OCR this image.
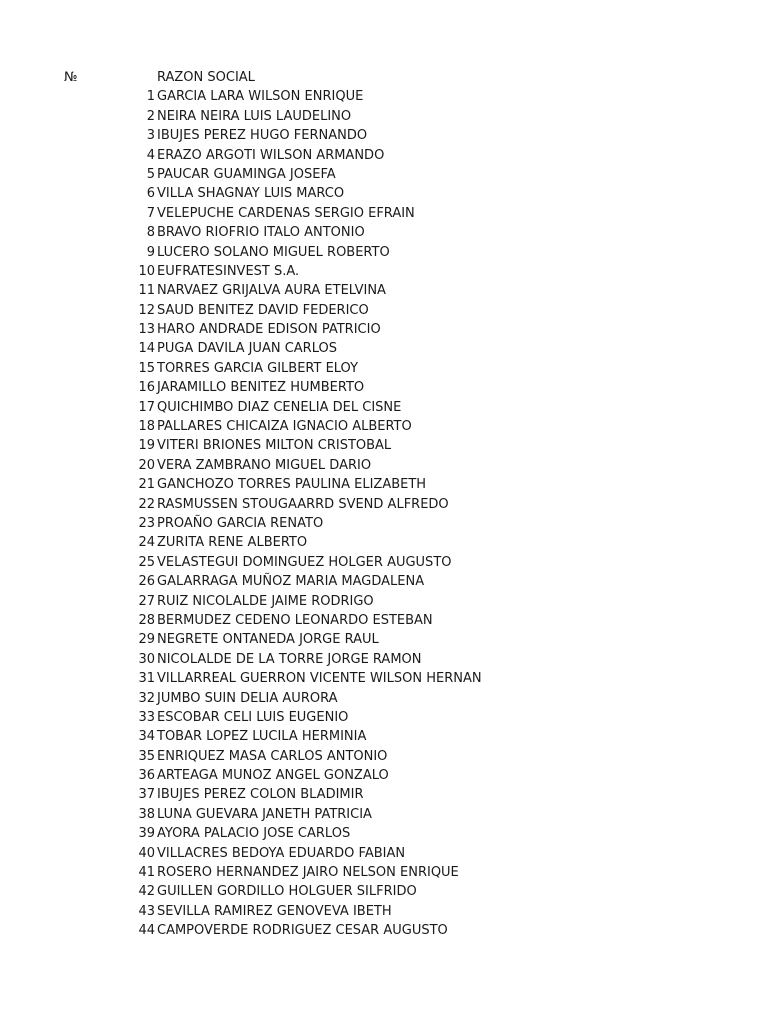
№	RAZON SOCIAL
1 GARCIA LARA WILSON ENRIQUE
2 NEIRA NEIRA LUIS LAUDELINO
3 IBUJES PEREZ HUGO FERNANDO
4 ERAZO ARGOTI WILSON ARMANDO
5 PAUCAR GUAMINGA JOSEFA
6 VILLA SHAGNAY LUIS MARCO
7 VELEPUCHE CARDENAS SERGIO EFRAIN
8 BRAVO RIOFRIO ITALO ANTONIO
9 LUCERO SOLANO MIGUEL ROBERTO
10 EUFRATESINVEST S.A.
11 NARVAEZ GRIJALVA AURA ETELVINA
12 SAUD BENITEZ DAVID FEDERICO
13 HARO ANDRADE EDISON PATRICIO
14 PUGA DAVILA JUAN CARLOS
15 TORRES GARCIA GILBERT ELOY
16 JARAMILLO BENITEZ HUMBERTO
17 QUICHIMBO DIAZ CENELIA DEL CISNE
18 PALLARES CHICAIZA IGNACIO ALBERTO
19 VITERI BRIONES MILTON CRISTOBAL
20 VERA ZAMBRANO MIGUEL DARIO
21 GANCHOZO TORRES PAULINA ELIZABETH
22 RASMUSSEN STOUGAARRD SVEND ALFREDO
23 PROAÑO GARCIA RENATO
24 ZURITA RENE ALBERTO
25 VELASTEGUI DOMINGUEZ HOLGER AUGUSTO
26 GALARRAGA MUÑOZ MARIA MAGDALENA
27 RUIZ NICOLALDE JAIME RODRIGO
28 BERMUDEZ CEDENO LEONARDO ESTEBAN
29 NEGRETE ONTANEDA JORGE RAUL
30 NICOLALDE DE LA TORRE JORGE RAMON
31 VILLARREAL GUERRON VICENTE WILSON HERNAN
32 JUMBO SUIN DELIA AURORA
33 ESCOBAR CELI LUIS EUGENIO
34 TOBAR LOPEZ LUCILA HERMINIA
35 ENRIQUEZ MASA CARLOS ANTONIO
36 ARTEAGA MUNOZ ANGEL GONZALO
37 IBUJES PEREZ COLON BLADIMIR
38 LUNA GUEVARA JANETH PATRICIA
39 AYORA PALACIO JOSE CARLOS
40 VILLACRES BEDOYA EDUARDO FABIAN
41 ROSERO HERNANDEZ JAIRO NELSON ENRIQUE
42 GUILLEN GORDILLO HOLGUER SILFRIDO
43 SEVILLA RAMIREZ GENOVEVA IBETH
44 CAMPOVERDE RODRIGUEZ CESAR AUGUSTO
